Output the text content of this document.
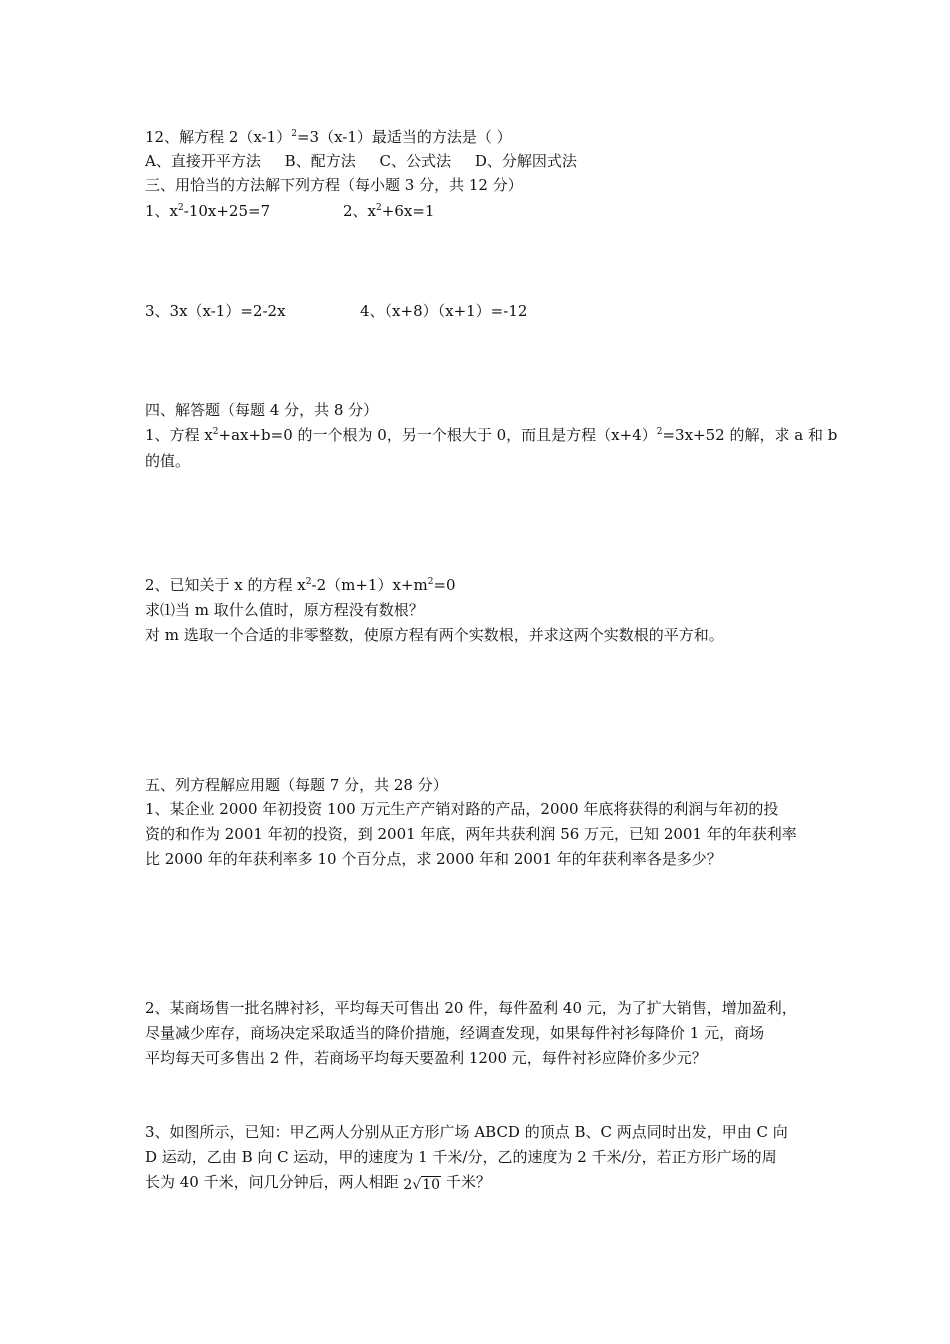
12、解方程 $2(x-1)^2=3(x-1)$最适当的方法是（ ）
A、直接开平方法     B、配方法     C、公式法     D、分解因式法
三、用恰当的方法解下列方程（每小题 3 分，共 12 分）
1、$x^2-10x+25=7$	2、$x^2+6x=1$
3、3x（x-1）=2-2x	4、（x+8）（x+1）=-12
四、解答题（每题 4 分，共 8 分）
1、方程 $x^2+ax+b=0$ 的一个根为 0，另一个根大于 0，而且是方程$(x+4)^2=3x+52$ 的解，求 a 和 b
的值。
2、已知关于 x 的方程 $x^2-2(m+1)x+m^2=0$
求⑴当 m 取什么值时，原方程没有数根？
对 m 选取一个合适的非零整数，使原方程有两个实数根，并求这两个实数根的平方和。
五、列方程解应用题（每题 7 分，共 28 分）
1、某企业 2000 年初投资 100 万元生产产销对路的产品，2000 年底将获得的利润与年初的投
资的和作为 2001 年初的投资，到 2001 年底，两年共获利润 56 万元，已知 2001 年的年获利率
比 2000 年的年获利率多 10 个百分点，求 2000 年和 2001 年的年获利率各是多少？
2、某商场售一批名牌衬衫，平均每天可售出 20 件，每件盈利 40 元，为了扩大销售，增加盈利，
尽量减少库存，商场决定采取适当的降价措施，经调查发现，如果每件衬衫每降价 1 元，商场
平均每天可多售出 2 件，若商场平均每天要盈利 1200 元，每件衬衫应降价多少元？
3、如图所示，已知：甲乙两人分别从正方形广场 ABCD 的顶点 B、C 两点同时出发，甲由 C 向
D 运动，乙由 B 向 C 运动，甲的速度为 1 千米/分，乙的速度为 2 千米/分，若正方形广场的周
长为 40 千米，问几分钟后，两人相距 2√10 千米？
